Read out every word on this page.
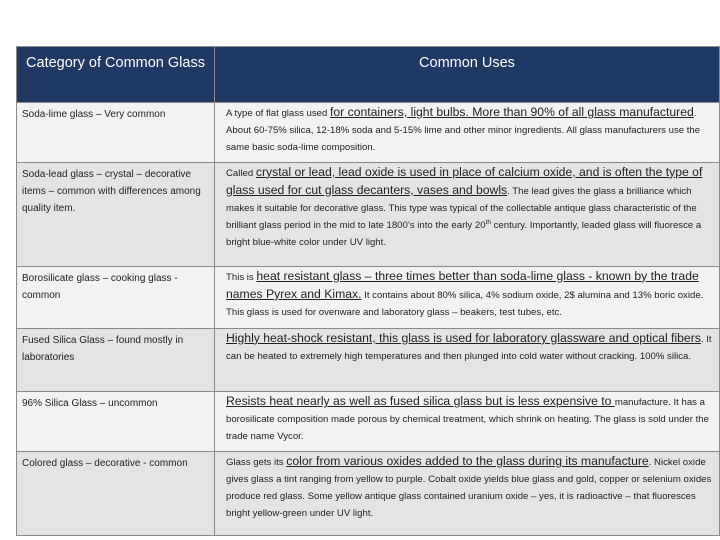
Category of Common Glass	Common Uses
Soda-lime glass – Very common	A type of flat glass used for containers, light bulbs. More than 90% of all glass manufactured. About 60-75% silica, 12-18% soda and 5-15% lime and other minor ingredients. All glass manufacturers use the same basic soda-lime composition.
Soda-lead glass – crystal – decorative items – common with differences among quality item.	Called crystal or lead, lead oxide is used in place of calcium oxide, and is often the type of glass used for cut glass decanters, vases and bowls. The lead gives the glass a brilliance which makes it suitable for decorative glass. This type was typical of the collectable antique glass characteristic of the brilliant glass period in the mid to late 1800’s into the early 20th century. Importantly, leaded glass will fluoresce a bright blue-white color under UV light.
Borosilicate glass – cooking glass - common	This is heat resistant glass – three times better than soda-lime glass - known by the trade names Pyrex and Kimax. It contains about 80% silica, 4% sodium oxide, 2$ alumina and 13% boric oxide. This glass is used for ovenware and laboratory glass – beakers, test tubes, etc.
Fused Silica Glass – found mostly in laboratories	Highly heat-shock resistant, this glass is used for laboratory glassware and optical fibers. It can be heated to extremely high temperatures and then plunged into cold water without cracking. 100% silica.
96% Silica Glass – uncommon	Resists heat nearly as well as fused silica glass but is less expensive to manufacture. It has a borosilicate composition made porous by chemical treatment, which shrink on heating. The glass is sold under the trade name Vycor.
Colored glass – decorative - common	Glass gets its color from various oxides added to the glass during its manufacture. Nickel oxide gives glass a tint ranging from yellow to purple. Cobalt oxide yields blue glass and gold, copper or selenium oxides produce red glass. Some yellow antique glass contained uranium oxide – yes, it is radioactive – that fluoresces bright yellow-green under UV light.
